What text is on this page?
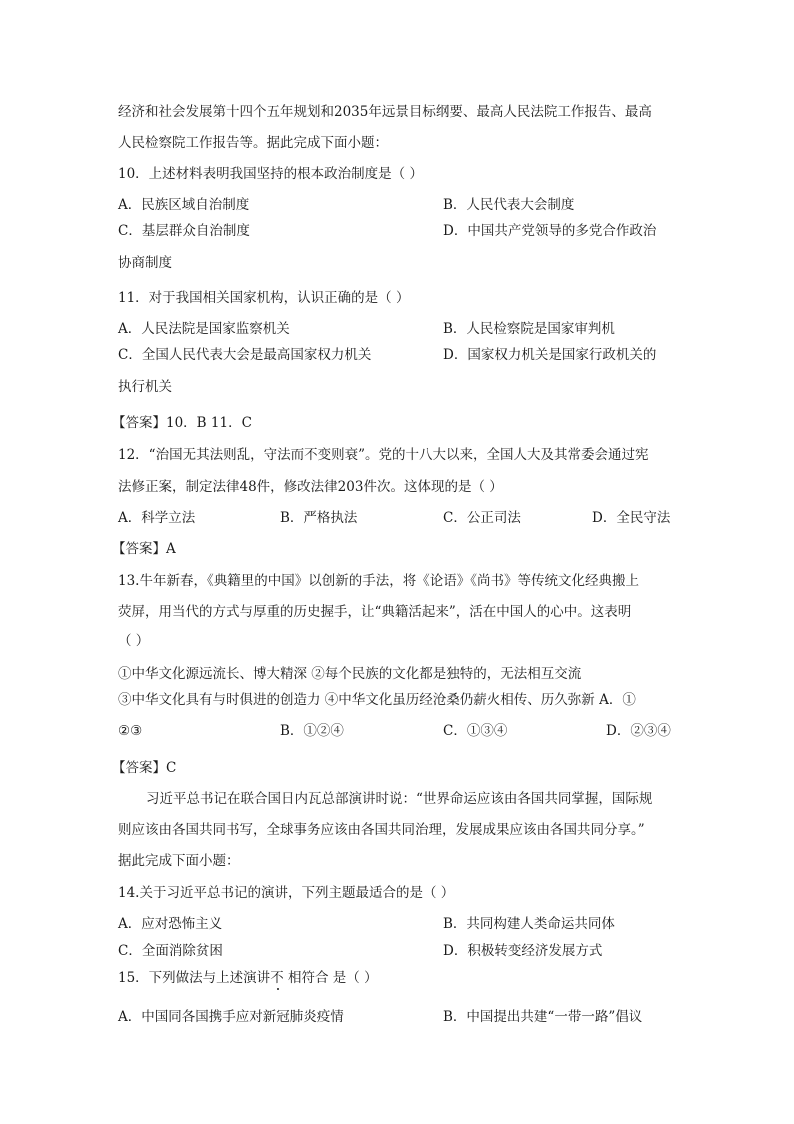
经济和社会发展第十四个五年规划和2035年远景目标纲要、最高人民法院工作报告、最高
人民检察院工作报告等。据此完成下面小题：
10．上述材料表明我国坚持的根本政治制度是（ ）
A．民族区域自治制度	B．人民代表大会制度
C．基层群众自治制度	D．中国共产党领导的多党合作政治
协商制度
11．对于我国相关国家机构，认识正确的是（ ）
A．人民法院是国家监察机关	B．人民检察院是国家审判机
C．全国人民代表大会是最高国家权力机关	D．国家权力机关是国家行政机关的
执行机关
【答案】10．B 11．C
12．“治国无其法则乱，守法而不变则衰”。党的十八大以来，全国人大及其常委会通过宪
法修正案，制定法律48件，修改法律203件次。这体现的是（ ）
A．科学立法	B．严格执法	C．公正司法	D．全民守法
【答案】A
13.牛年新春，《典籍里的中国》以创新的手法，将《论语》《尚书》等传统文化经典搬上
荧屏，用当代的方式与厚重的历史握手，让“典籍活起来”，活在中国人的心中。这表明
（ ）
①中华文化源远流长、博大精深 ②每个民族的文化都是独特的，无法相互交流
③中华文化具有与时俱进的创造力 ④中华文化虽历经沧桑仍薪火相传、历久弥新 A．①
②③	B．①②④	C．①③④	D．②③④
【答案】C
习近平总书记在联合国日内瓦总部演讲时说：“世界命运应该由各国共同掌握，国际规
则应该由各国共同书写，全球事务应该由各国共同治理，发展成果应该由各国共同分享。”
据此完成下面小题：
14.关于习近平总书记的演讲，下列主题最适合的是（ ）
A．应对恐怖主义	B．共同构建人类命运共同体
C．全面消除贫困	D．积极转变经济发展方式
15．下列做法与上述演讲不 相符合 是（ ）
A．中国同各国携手应对新冠肺炎疫情	B．中国提出共建“一带一路”倡议
